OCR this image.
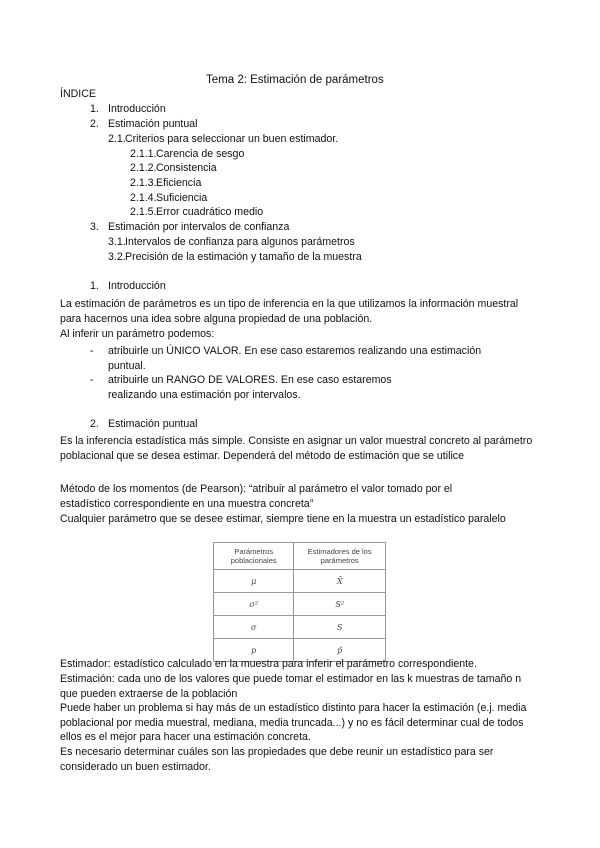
Tema 2: Estimación de parámetros
ÍNDICE
1. Introducción
2. Estimación puntual
2.1.Criterios para seleccionar un buen estimador.
2.1.1.Carencia de sesgo
2.1.2.Consistencia
2.1.3.Eficiencia
2.1.4.Suficiencia
2.1.5.Error cuadrático medio
3. Estimación por intervalos de confianza
3.1.Intervalos de confianza para algunos parámetros
3.2.Precisión de la estimación y tamaño de la muestra
1. Introducción
La estimación de parámetros es un tipo de inferencia en la que utilizamos la información muestral para hacernos una idea sobre alguna propiedad de una población.
Al inferir un parámetro podemos:
-	atribuirle un ÚNICO VALOR. En ese caso estaremos realizando una estimación puntual.
-	atribuirle un RANGO DE VALORES. En ese caso estaremos realizando una estimación por intervalos.
2. Estimación puntual
Es la inferencia estadística más simple. Consiste en asignar un valor muestral concreto al parámetro poblacional que se desea estimar. Dependerá del método de estimación que se utilice
Método de los momentos (de Pearson): “atribuir al parámetro el valor tomado por el estadístico correspondiente en una muestra concreta”
Cualquier parámetro que se desee estimar, siempre tiene en la muestra un estadístico paralelo
Parámetros poblacionales	Estimadores de los parámetros
μ	X̄
σ²	S²
σ	S
p	p̂
Estimador: estadístico calculado en la muestra para inferir el parámetro correspondiente.
Estimación: cada uno de los valores que puede tomar el estimador en las k muestras de tamaño n que pueden extraerse de la población
Puede haber un problema si hay más de un estadístico distinto para hacer la estimación (e.j. media poblacional por media muestral, mediana, media truncada...) y no es fácil determinar cual de todos ellos es el mejor para hacer una estimación concreta.
Es necesario determinar cuáles son las propiedades que debe reunir un estadístico para ser considerado un buen estimador.
